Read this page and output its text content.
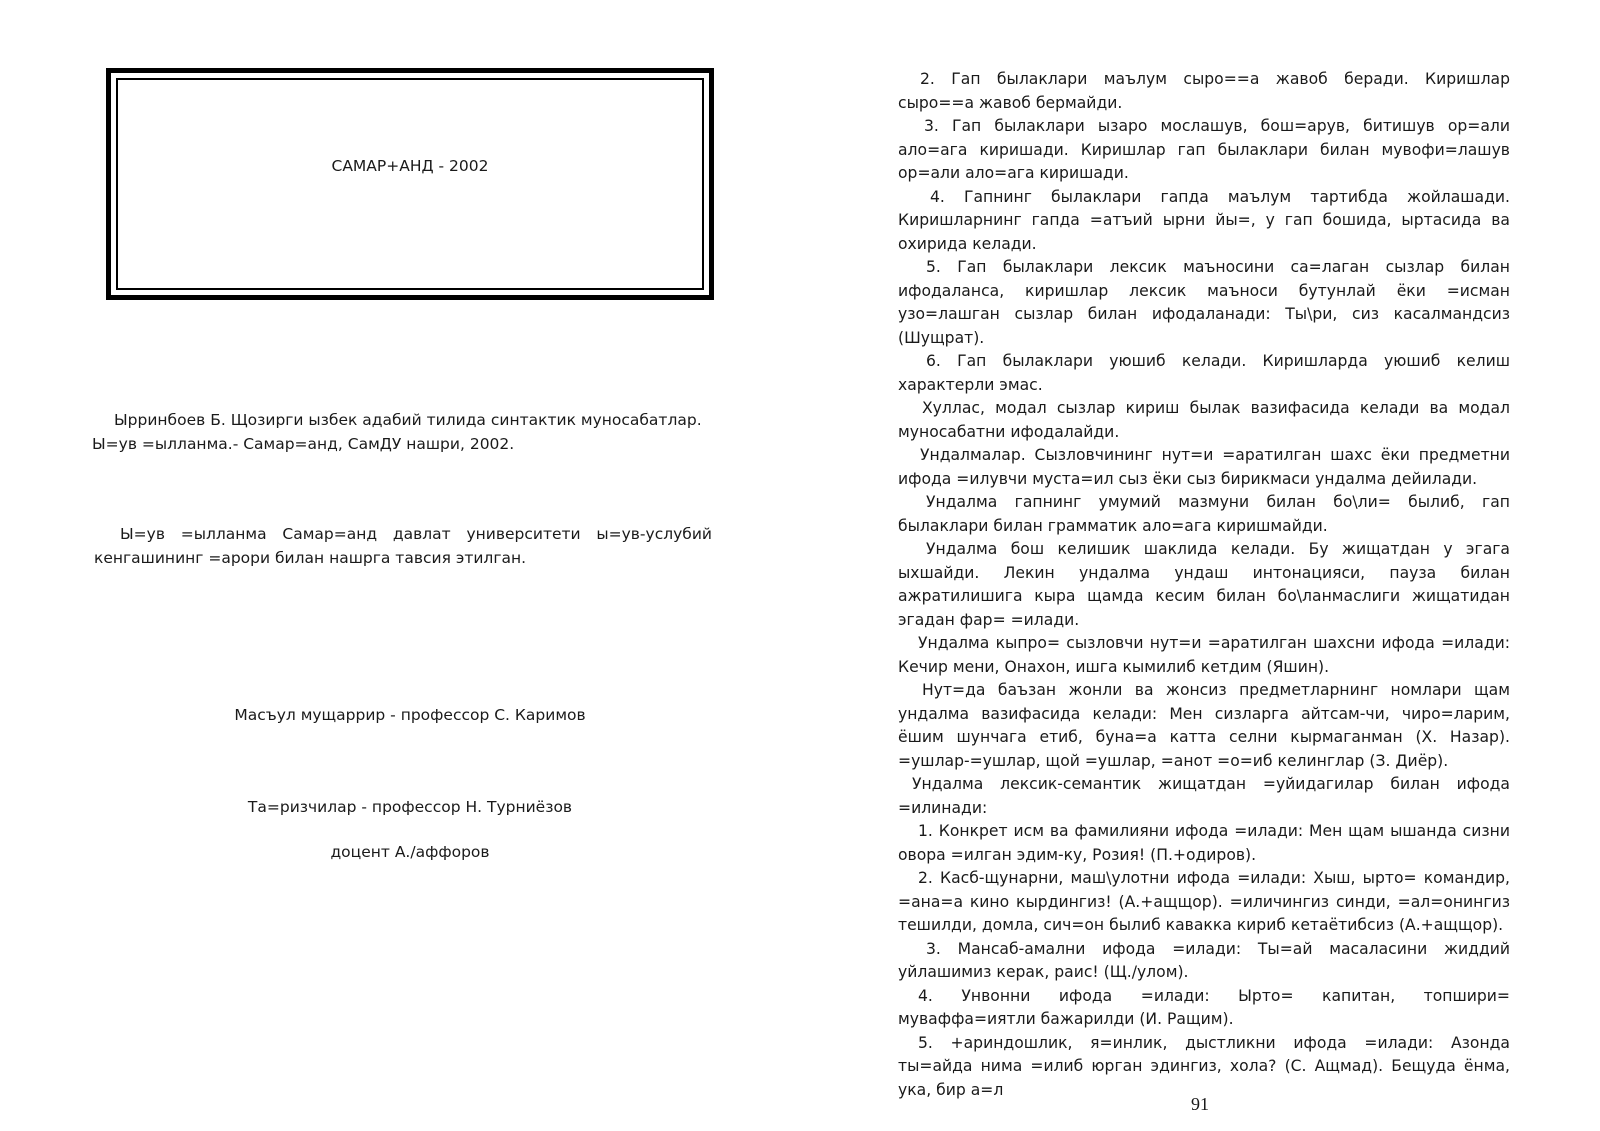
САМАР+АНД - 2002

Ырринбоев Б. Щозирги ызбек адабий тилида синтактик муносабатлар.

Ы=ув =ылланма.- Самар=анд, СамДУ нашри, 2002.

Ы=ув =ылланма Самар=анд давлат университети ы=ув-услубий кенгашининг =арори билан нашрга тавсия этилган.

Масъул мущаррир - профессор С. Каримов
Та=ризчилар - профессор Н. Турниёзов
доцент А./аффоров

2. Гап былаклари маълум сыро==а жавоб беради. Киришлар сыро==а жавоб бермайди.

3. Гап былаклари ызаро мослашув, бош=арув, битишув ор=али ало=ага киришади. Киришлар гап былаклари билан мувофи=лашув ор=али ало=ага киришади.

4. Гапнинг былаклари гапда маълум тартибда жойлашади. Киришларнинг гапда =атъий ырни йы=, у гап бошида, ыртасида ва охирида келади.

5. Гап былаклари лексик маъносини са=лаган сызлар билан ифодаланса, киришлар лексик маъноси бутунлай ёки =исман узо=лашган сызлар билан ифодаланади: Ты\ри, сиз касалмандсиз (Шущрат).

6. Гап былаклари уюшиб келади. Киришларда уюшиб келиш характерли эмас.

Хуллас, модал сызлар кириш былак вазифасида келади ва модал муносабатни ифодалайди.

Ундалмалар. Сызловчининг нут=и =аратилган шахс ёки предметни ифода =илувчи муста=ил сыз ёки сыз бирикмаси ундалма дейилади.

Ундалма гапнинг умумий мазмуни билан бо\ли= былиб, гап былаклари билан грамматик ало=ага киришмайди.

Ундалма бош келишик шаклида келади. Бу жищатдан у эгага ыхшайди. Лекин ундалма ундаш интонацияси, пауза билан ажратилишига кыра щамда кесим билан бо\ланмаслиги жищатидан эгадан фар= =илади.

Ундалма кыпро= сызловчи нут=и =аратилган шахсни ифода =илади: Кечир мени, Онахон, ишга кымилиб кетдим (Яшин).

Нут=да баъзан жонли ва жонсиз предметларнинг номлари щам ундалма вазифасида келади: Мен сизларга айтсам-чи, чиро=ларим, ёшим шунчага етиб, буна=а катта селни кырмаганман (Х. Назар). =ушлар-=ушлар, щой =ушлар, =анот =о=иб келинглар (З. Диёр).

Ундалма лексик-семантик жищатдан =уйидагилар билан ифода =илинади:

1. Конкрет исм ва фамилияни ифода =илади: Мен щам ышанда сизни овора =илган эдим-ку, Розия! (П.+одиров).

2. Касб-щунарни, маш\улотни ифода =илади: Хыш, ырто= командир, =ана=а кино кырдингиз! (А.+ащщор). =иличингиз синди, =ал=онингиз тешилди, домла, сич=он былиб кавакка кириб кетаётибсиз (А.+ащщор).

3. Мансаб-амални ифода =илади: Ты=ай масаласини жиддий уйлашимиз керак, раис! (Щ./улом).

4. Унвонни ифода =илади: Ырто= капитан, топшири= муваффа=иятли бажарилди (И. Ращим).

5. +ариндошлик, я=инлик, дыстликни ифода =илади: Азонда ты=айда нима =илиб юрган эдингиз, хола? (С. Ащмад). Бещуда ёнма, ука, бир а=л

91
